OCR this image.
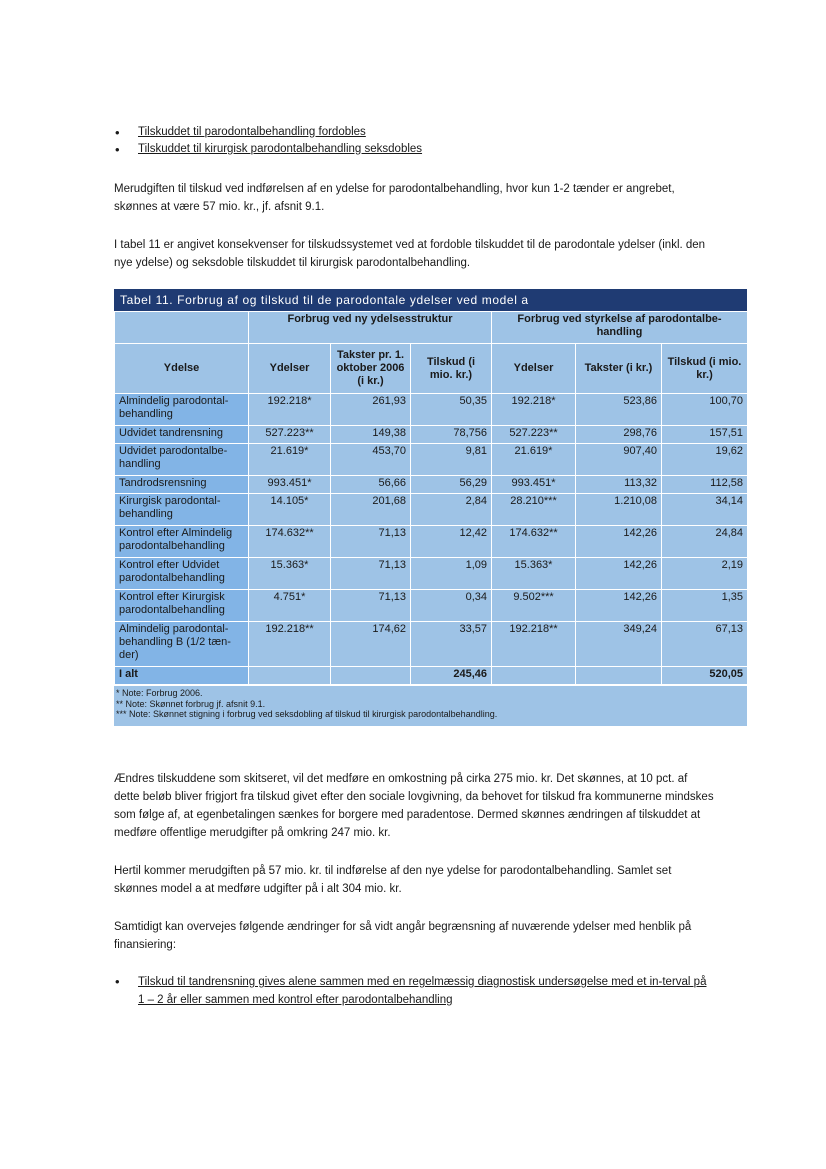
• Tilskuddet til parodontalbehandling fordobles
• Tilskuddet til kirurgisk parodontalbehandling seksdobles

Merudgiften til tilskud ved indførelsen af en ydelse for parodontalbehandling, hvor kun 1-2 tænder er angrebet, skønnes at være 57 mio. kr., jf. afsnit 9.1.

I tabel 11 er angivet konsekvenser for tilskudssystemet ved at fordoble tilskuddet til de parodontale ydelser (inkl. den nye ydelse) og seksdoble tilskuddet til kirurgisk parodontalbehandling.

Tabel 11. Forbrug af og tilskud til de parodontale ydelser ved model a
	Forbrug ved ny ydelsesstruktur			Forbrug ved styrkelse af parodontalbe-handling		
Ydelse	Ydelser	Takster pr. 1. oktober 2006 (i kr.)	Tilskud (i mio. kr.)	Ydelser	Takster (i kr.)	Tilskud (i mio. kr.)
Almindelig parodontal-behandling	192.218*	261,93	50,35	192.218*	523,86	100,70
Udvidet tandrensning	527.223**	149,38	78,756	527.223**	298,76	157,51
Udvidet parodontalbe-handling	21.619*	453,70	9,81	21.619*	907,40	19,62
Tandrodsrensning	993.451*	56,66	56,29	993.451*	113,32	112,58
Kirurgisk parodontal-behandling	14.105*	201,68	2,84	28.210***	1.210,08	34,14
Kontrol efter Almindelig parodontalbehandling	174.632**	71,13	12,42	174.632**	142,26	24,84
Kontrol efter Udvidet parodontalbehandling	15.363*	71,13	1,09	15.363*	142,26	2,19
Kontrol efter Kirurgisk parodontalbehandling	4.751*	71,13	0,34	9.502***	142,26	1,35
Almindelig parodontal-behandling B (1/2 tæn-der)	192.218**	174,62	33,57	192.218**	349,24	67,13
I alt			245,46			520,05
* Note: Forbrug 2006.
** Note: Skønnet forbrug jf. afsnit 9.1.
*** Note: Skønnet stigning i forbrug ved seksdobling af tilskud til kirurgisk parodontalbehandling.

Ændres tilskuddene som skitseret, vil det medføre en omkostning på cirka 275 mio. kr. Det skønnes, at 10 pct. af dette beløb bliver frigjort fra tilskud givet efter den sociale lovgivning, da behovet for tilskud fra kommunerne mindskes som følge af, at egenbetalingen sænkes for borgere med paradentose. Dermed skønnes ændringen af tilskuddet at medføre offentlige merudgifter på omkring 247 mio. kr.

Hertil kommer merudgiften på 57 mio. kr. til indførelse af den nye ydelse for parodontalbehandling. Samlet set skønnes model a at medføre udgifter på i alt 304 mio. kr.

Samtidigt kan overvejes følgende ændringer for så vidt angår begrænsning af nuværende ydelser med henblik på finansiering:

• Tilskud til tandrensning gives alene sammen med en regelmæssig diagnostisk undersøgelse med et in-terval på 1 – 2 år eller sammen med kontrol efter parodontalbehandling
